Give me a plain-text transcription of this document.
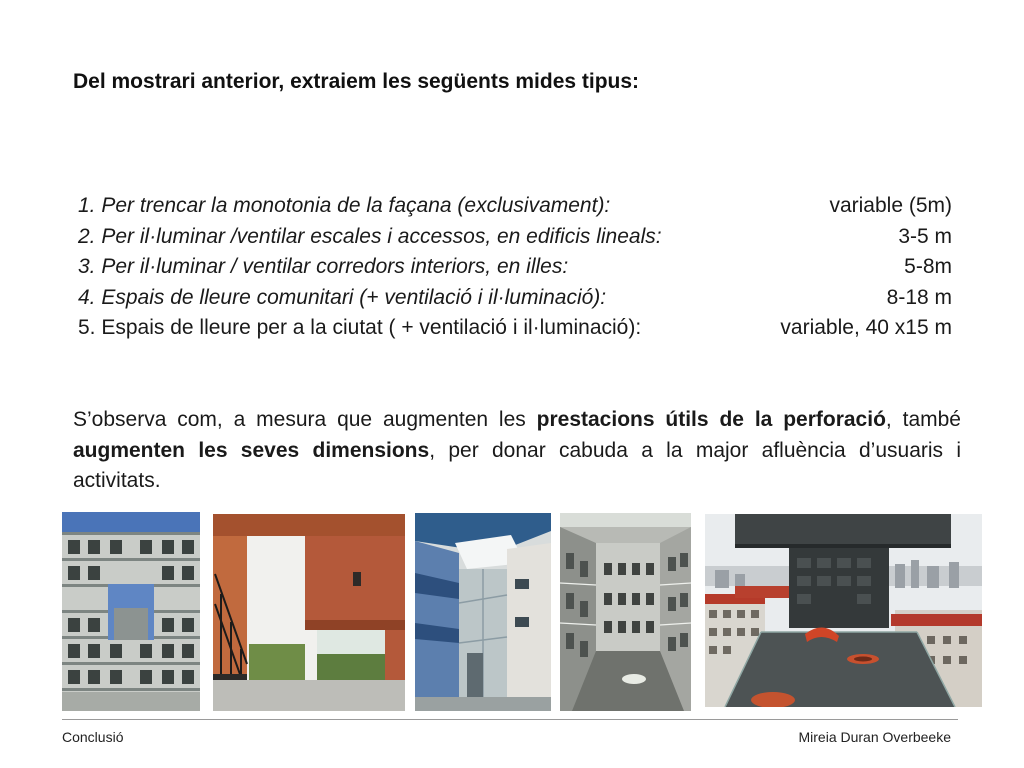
Del mostrari anterior, extraiem les següents mides tipus:
1. Per trencar la monotonia de la façana (exclusivament):	variable (5m)
2. Per il·luminar /ventilar escales i accessos, en edificis lineals:	3-5 m
3. Per il·luminar / ventilar corredors interiors, en illes:	5-8m
4. Espais de lleure comunitari (+ ventilació i il·luminació):	8-18 m
5. Espais de lleure per a la ciutat ( + ventilació i il·luminació):	variable, 40 x15 m
S’observa com, a mesura que augmenten les prestacions útils de la perforació, també augmenten les seves dimensions, per donar cabuda a la major afluència d’usuaris i activitats.
Conclusió	Mireia Duran Overbeeke
